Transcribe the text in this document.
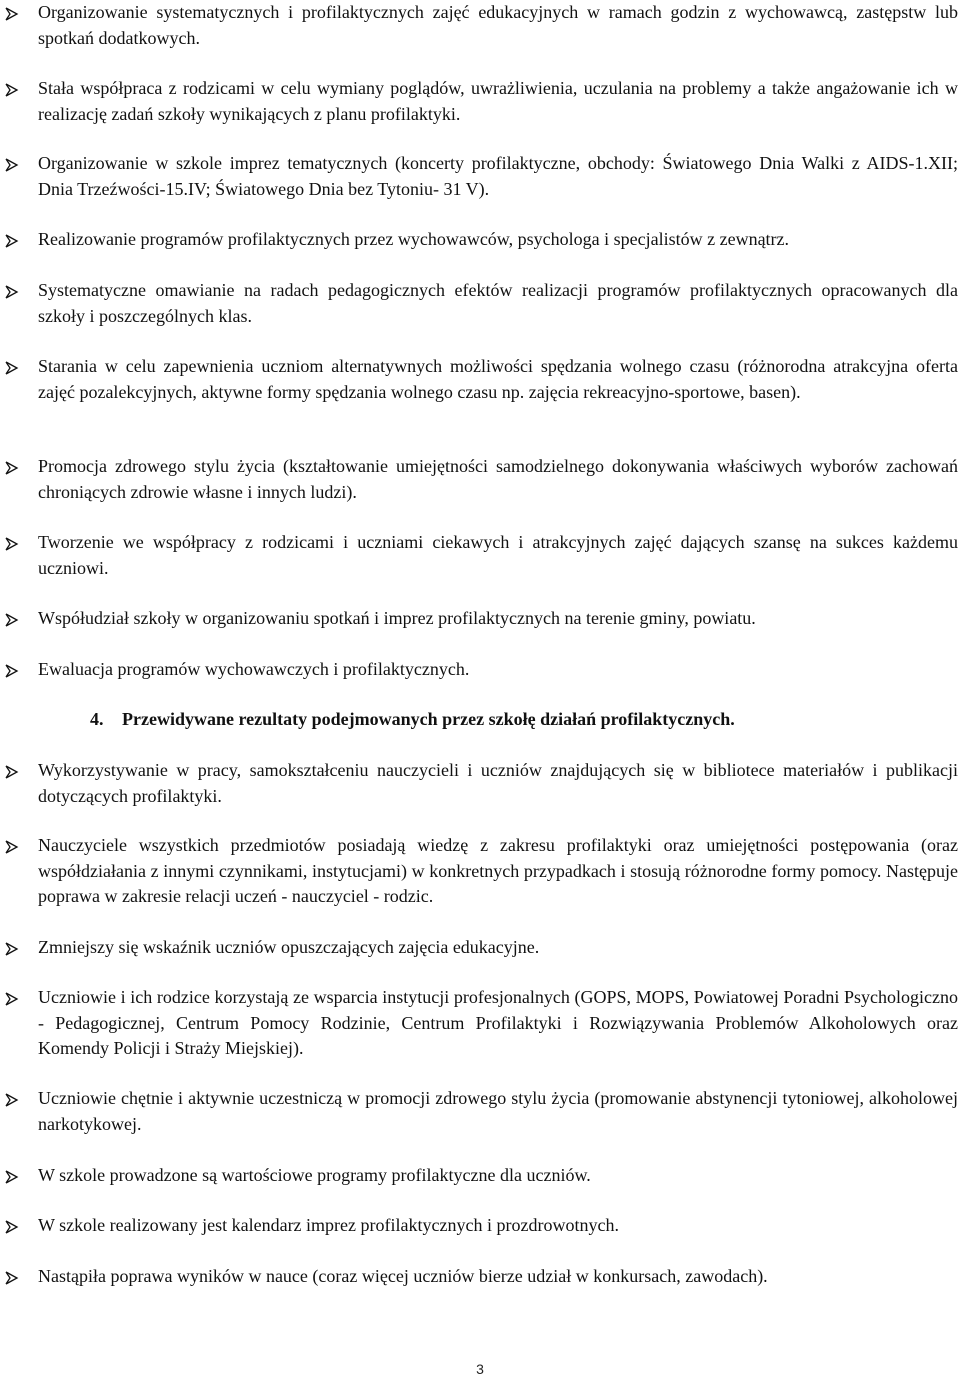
Organizowanie systematycznych i profilaktycznych zajęć edukacyjnych w ramach godzin z wychowawcą, zastępstw lub spotkań dodatkowych.
Stała współpraca z rodzicami w celu wymiany poglądów, uwrażliwienia, uczulania na problemy a także angażowanie ich w realizację zadań szkoły wynikających z planu profilaktyki.
Organizowanie w szkole imprez tematycznych (koncerty profilaktyczne, obchody: Światowego Dnia Walki z AIDS-1.XII; Dnia Trzeźwości-15.IV; Światowego Dnia bez Tytoniu- 31 V).
Realizowanie programów profilaktycznych przez wychowawców, psychologa i specjalistów z zewnątrz.
Systematyczne omawianie na radach pedagogicznych efektów realizacji programów profilaktycznych opracowanych dla szkoły i poszczególnych klas.
Starania w celu zapewnienia uczniom alternatywnych możliwości spędzania wolnego czasu (różnorodna atrakcyjna oferta zajęć pozalekcyjnych, aktywne formy spędzania wolnego czasu np. zajęcia rekreacyjno-sportowe, basen).
Promocja zdrowego stylu życia (kształtowanie umiejętności samodzielnego dokonywania właściwych wyborów zachowań chroniących zdrowie własne i innych ludzi).
Tworzenie we współpracy z rodzicami i uczniami ciekawych i atrakcyjnych zajęć dających szansę na sukces każdemu uczniowi.
Współudział szkoły w organizowaniu spotkań i imprez profilaktycznych na terenie gminy, powiatu.
Ewaluacja programów wychowawczych i profilaktycznych.
4. Przewidywane rezultaty podejmowanych przez szkołę działań profilaktycznych.
Wykorzystywanie w pracy, samokształceniu nauczycieli i uczniów znajdujących się w bibliotece materiałów i publikacji dotyczących profilaktyki.
Nauczyciele wszystkich przedmiotów posiadają wiedzę z zakresu profilaktyki oraz umiejętności postępowania (oraz współdziałania z innymi czynnikami, instytucjami) w konkretnych przypadkach i stosują różnorodne formy pomocy. Następuje poprawa w zakresie relacji uczeń - nauczyciel - rodzic.
Zmniejszy się wskaźnik uczniów opuszczających zajęcia edukacyjne.
Uczniowie i ich rodzice korzystają ze wsparcia instytucji profesjonalnych (GOPS, MOPS, Powiatowej Poradni Psychologiczno - Pedagogicznej, Centrum Pomocy Rodzinie, Centrum Profilaktyki i Rozwiązywania Problemów Alkoholowych oraz Komendy Policji i Straży Miejskiej).
Uczniowie chętnie i aktywnie uczestniczą w promocji zdrowego stylu życia (promowanie abstynencji tytoniowej, alkoholowej narkotykowej.
W szkole prowadzone są wartościowe programy profilaktyczne dla uczniów.
W szkole realizowany jest kalendarz imprez profilaktycznych i prozdrowotnych.
Nastąpiła poprawa wyników w nauce (coraz więcej uczniów bierze udział w konkursach, zawodach).
3
